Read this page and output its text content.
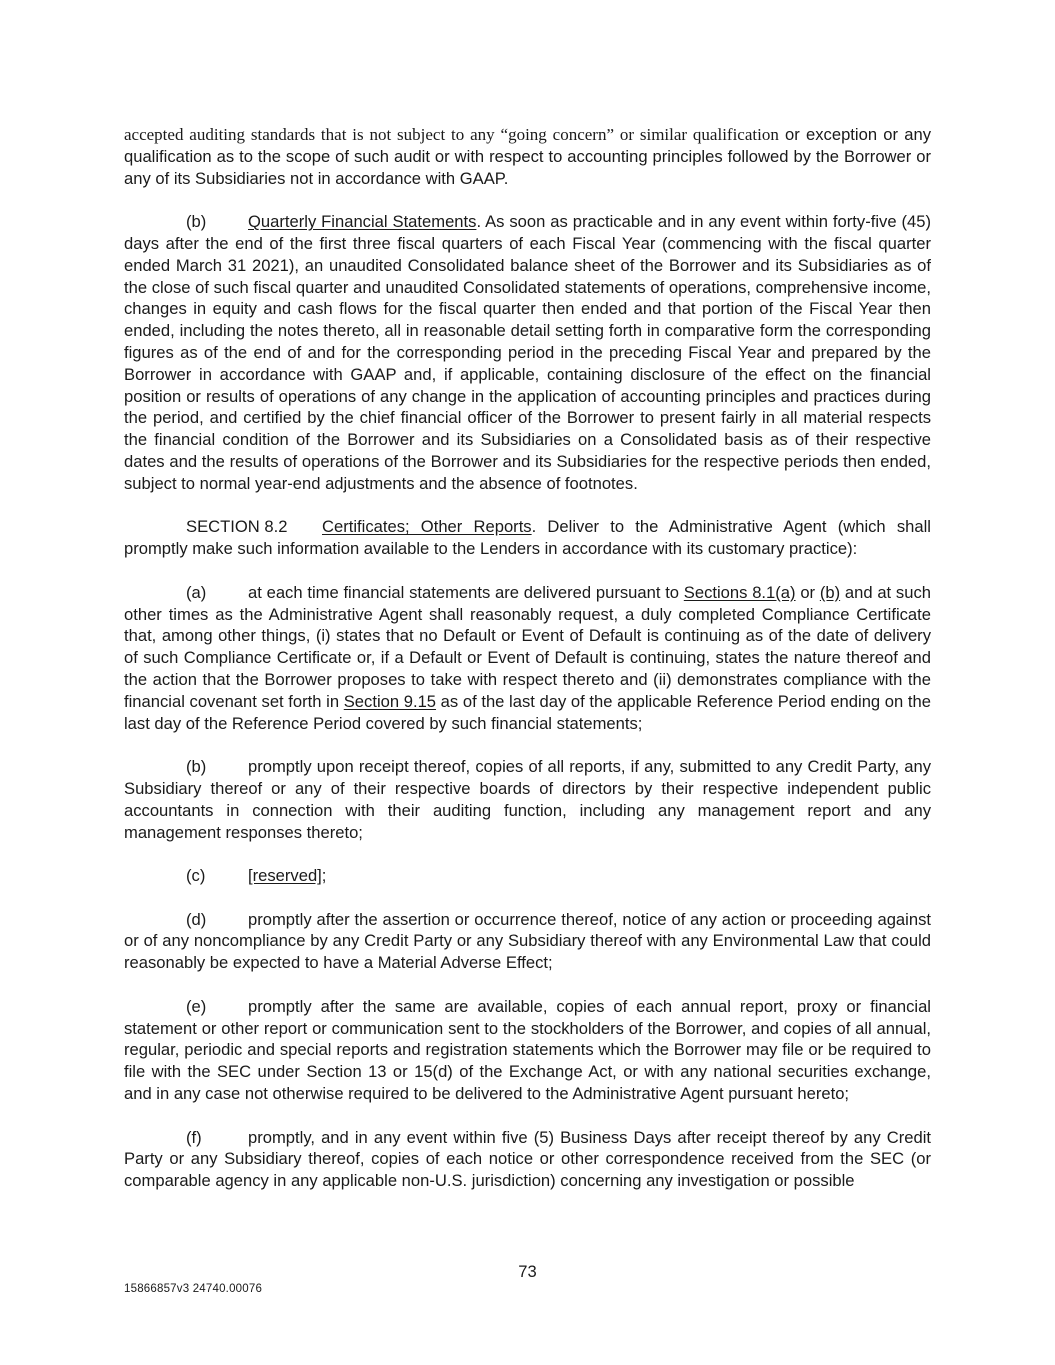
accepted auditing standards that is not subject to any “going concern” or similar qualification or exception or any qualification as to the scope of such audit or with respect to accounting principles followed by the Borrower or any of its Subsidiaries not in accordance with GAAP.

(b)	Quarterly Financial Statements. As soon as practicable and in any event within forty-five (45) days after the end of the first three fiscal quarters of each Fiscal Year (commencing with the fiscal quarter ended March 31 2021), an unaudited Consolidated balance sheet of the Borrower and its Subsidiaries as of the close of such fiscal quarter and unaudited Consolidated statements of operations, comprehensive income, changes in equity and cash flows for the fiscal quarter then ended and that portion of the Fiscal Year then ended, including the notes thereto, all in reasonable detail setting forth in comparative form the corresponding figures as of the end of and for the corresponding period in the preceding Fiscal Year and prepared by the Borrower in accordance with GAAP and, if applicable, containing disclosure of the effect on the financial position or results of operations of any change in the application of accounting principles and practices during the period, and certified by the chief financial officer of the Borrower to present fairly in all material respects the financial condition of the Borrower and its Subsidiaries on a Consolidated basis as of their respective dates and the results of operations of the Borrower and its Subsidiaries for the respective periods then ended, subject to normal year-end adjustments and the absence of footnotes.

SECTION 8.2 Certificates; Other Reports. Deliver to the Administrative Agent (which shall promptly make such information available to the Lenders in accordance with its customary practice):

(a)	at each time financial statements are delivered pursuant to Sections 8.1(a) or (b) and at such other times as the Administrative Agent shall reasonably request, a duly completed Compliance Certificate that, among other things, (i) states that no Default or Event of Default is continuing as of the date of delivery of such Compliance Certificate or, if a Default or Event of Default is continuing, states the nature thereof and the action that the Borrower proposes to take with respect thereto and (ii) demonstrates compliance with the financial covenant set forth in Section 9.15 as of the last day of the applicable Reference Period ending on the last day of the Reference Period covered by such financial statements;

(b)	promptly upon receipt thereof, copies of all reports, if any, submitted to any Credit Party, any Subsidiary thereof or any of their respective boards of directors by their respective independent public accountants in connection with their auditing function, including any management report and any management responses thereto;

(c)	[reserved];

(d)	promptly after the assertion or occurrence thereof, notice of any action or proceeding against or of any noncompliance by any Credit Party or any Subsidiary thereof with any Environmental Law that could reasonably be expected to have a Material Adverse Effect;

(e)	promptly after the same are available, copies of each annual report, proxy or financial statement or other report or communication sent to the stockholders of the Borrower, and copies of all annual, regular, periodic and special reports and registration statements which the Borrower may file or be required to file with the SEC under Section 13 or 15(d) of the Exchange Act, or with any national securities exchange, and in any case not otherwise required to be delivered to the Administrative Agent pursuant hereto;

(f)	promptly, and in any event within five (5) Business Days after receipt thereof by any Credit Party or any Subsidiary thereof, copies of each notice or other correspondence received from the SEC (or comparable agency in any applicable non-U.S. jurisdiction) concerning any investigation or possible

73
15866857v3 24740.00076
